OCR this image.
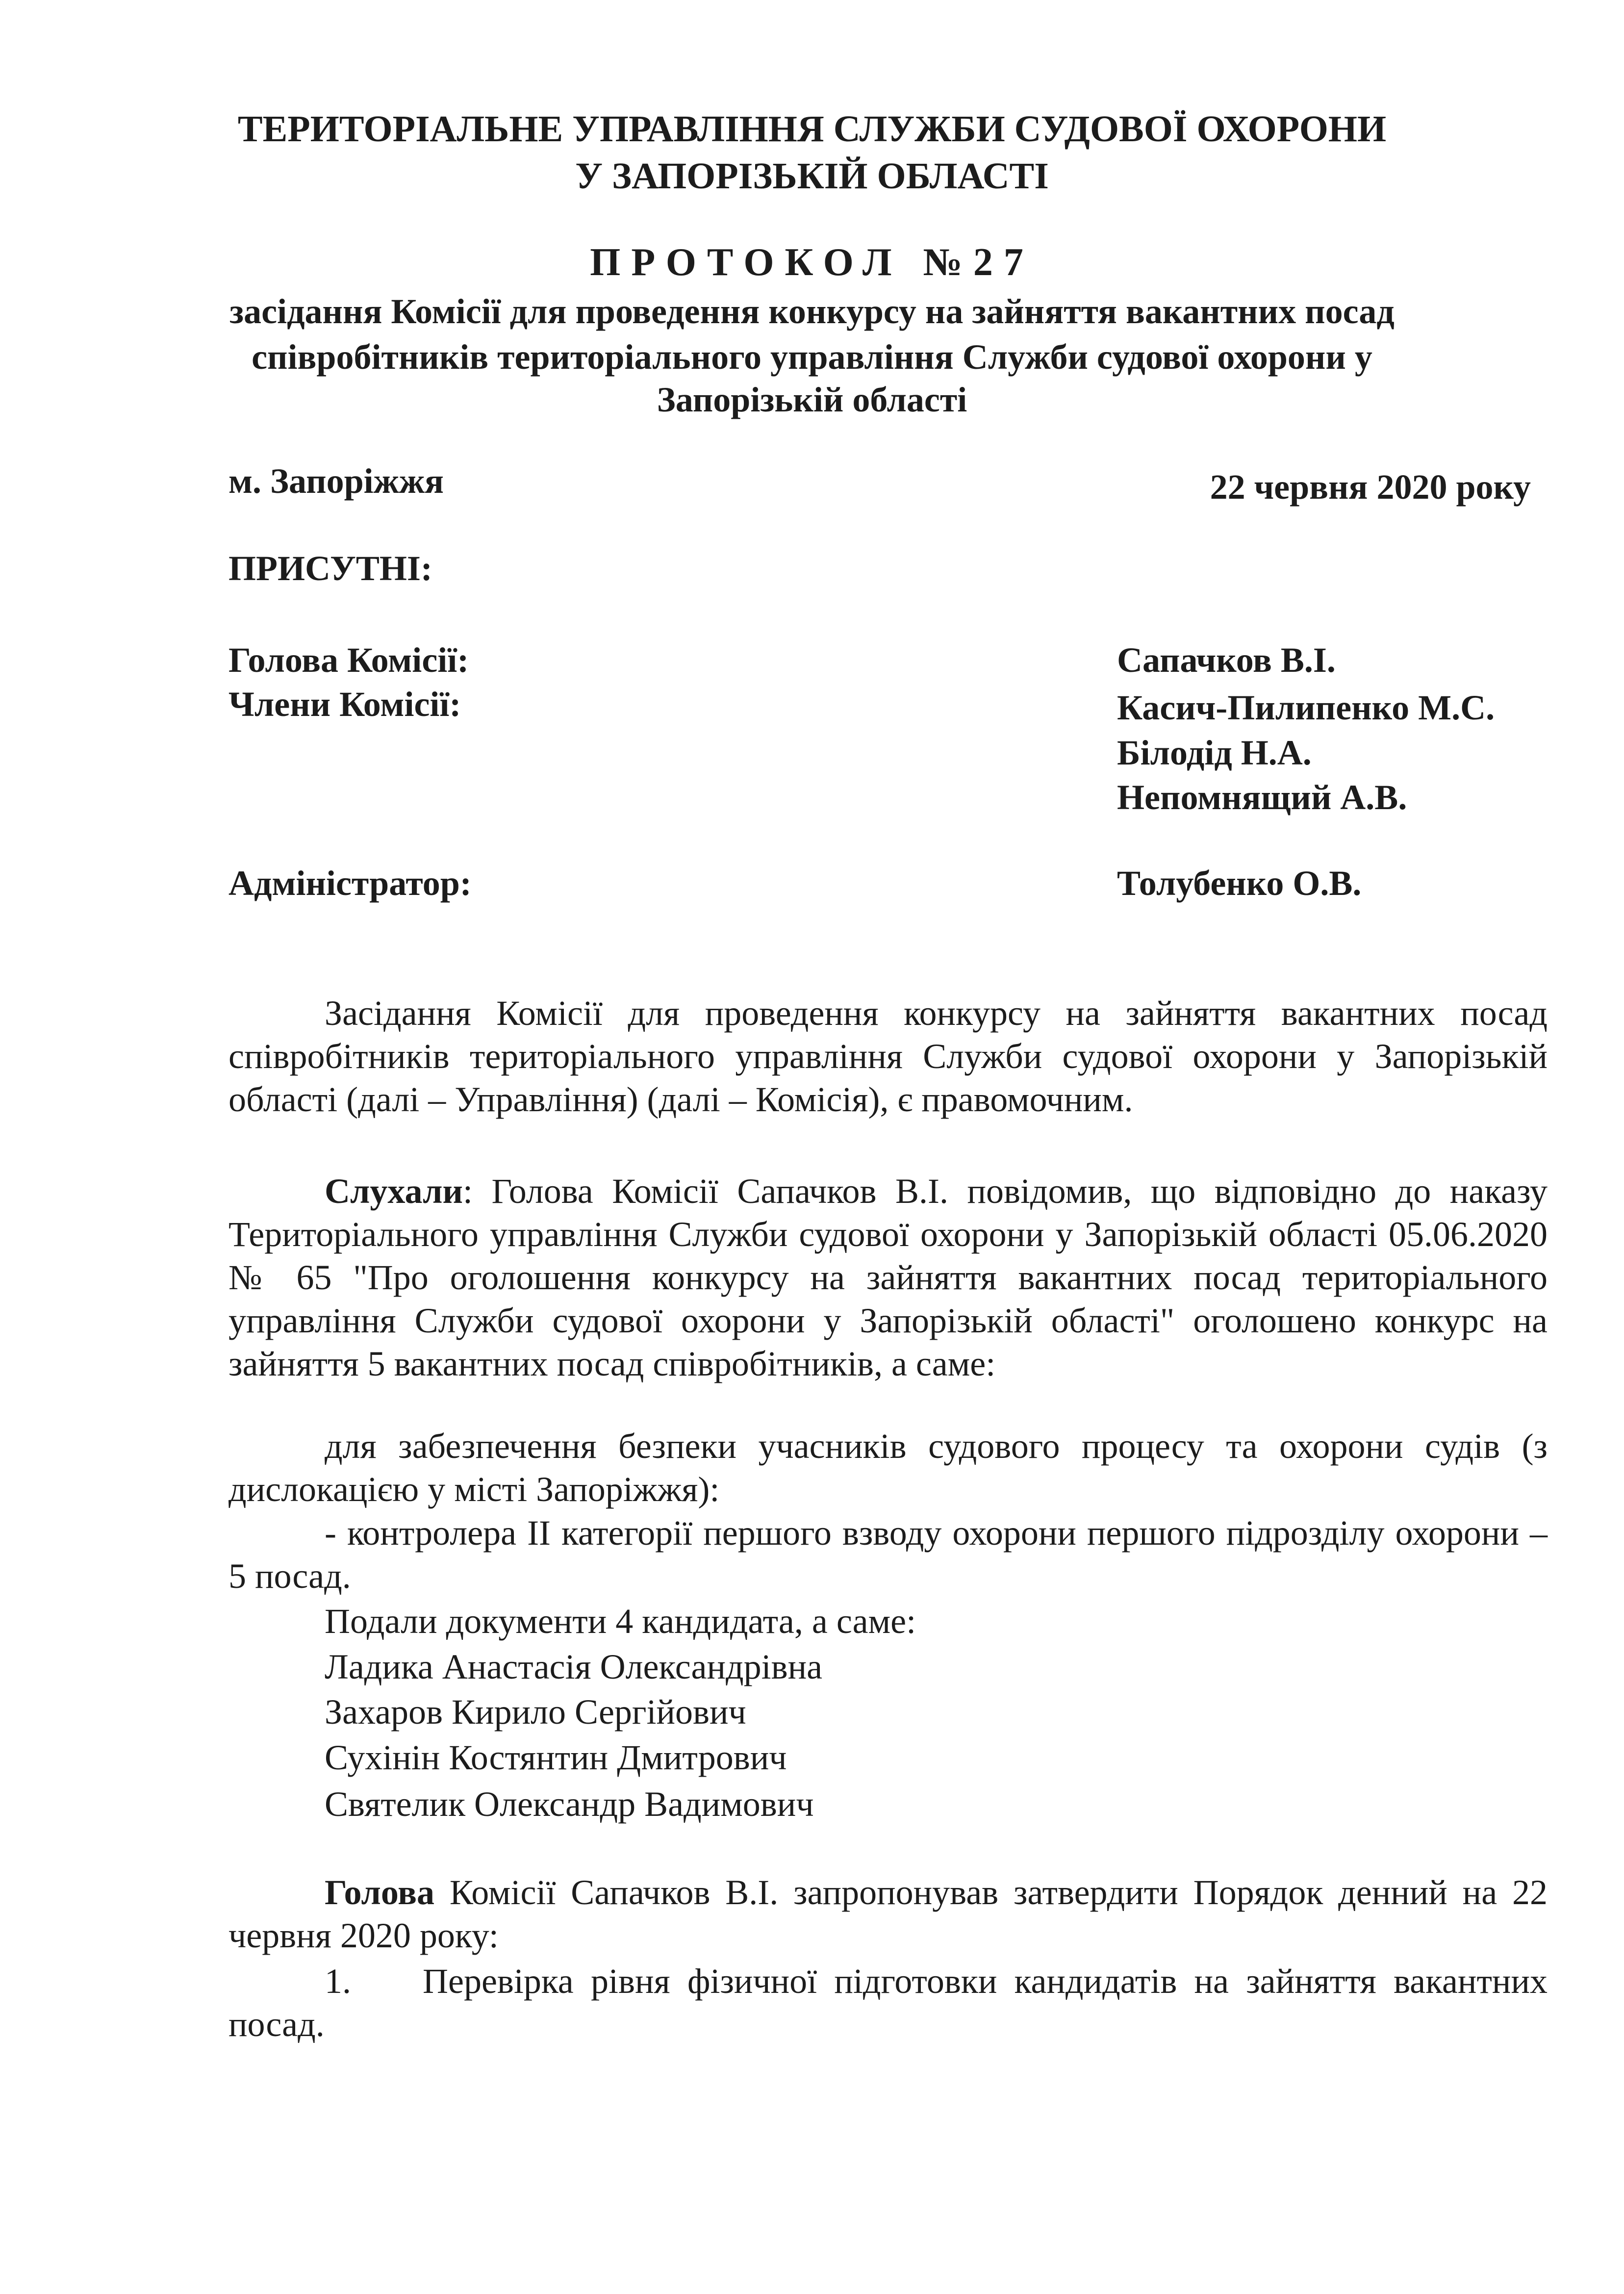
ТЕРИТОРІАЛЬНЕ УПРАВЛІННЯ СЛУЖБИ СУДОВОЇ ОХОРОНИ
У ЗАПОРІЗЬКІЙ ОБЛАСТІ
ПРОТОКОЛ №27
засідання Комісії для проведення конкурсу на зайняття вакантних посад
співробітників територіального управління Служби судової охорони у
Запорізькій області
м. Запоріжжя	22 червня 2020 року
ПРИСУТНІ:
Голова Комісії:
Члени Комісії:
Сапачков В.І.
Касич-Пилипенко М.С.
Білодід Н.А.
Непомнящий А.В.
Адміністратор:	Толубенко О.В.
Засідання Комісії для проведення конкурсу на зайняття вакантних посад співробітників територіального управління Служби судової охорони у Запорізькій області (далі – Управління) (далі – Комісія), є правомочним.
Слухали: Голова Комісії Сапачков В.І. повідомив, що відповідно до наказу Територіального управління Служби судової охорони у Запорізькій області 05.06.2020 № 65 "Про оголошення конкурсу на зайняття вакантних посад територіального управління Служби судової охорони у Запорізькій області" оголошено конкурс на зайняття 5 вакантних посад співробітників, а саме:
для забезпечення безпеки учасників судового процесу та охорони судів (з дислокацією у місті Запоріжжя):
- контролера ІІ категорії першого взводу охорони першого підрозділу охорони – 5 посад.
Подали документи 4 кандидата, а саме:
Ладика Анастасія Олександрівна
Захаров Кирило Сергійович
Сухінін Костянтин Дмитрович
Святелик Олександр Вадимович
Голова Комісії Сапачков В.І. запропонував затвердити Порядок денний на 22 червня 2020 року:
1. Перевірка рівня фізичної підготовки кандидатів на зайняття вакантних посад.
